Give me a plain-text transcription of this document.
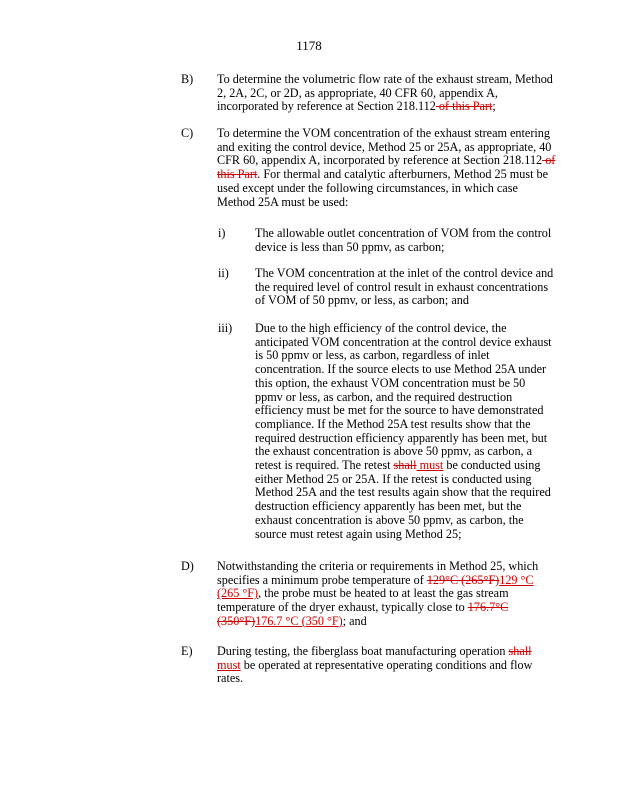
1178
B) To determine the volumetric flow rate of the exhaust stream, Method 2, 2A, 2C, or 2D, as appropriate, 40 CFR 60, appendix A, incorporated by reference at Section 218.112 of this Part;
C) To determine the VOM concentration of the exhaust stream entering and exiting the control device, Method 25 or 25A, as appropriate, 40 CFR 60, appendix A, incorporated by reference at Section 218.112 of this Part. For thermal and catalytic afterburners, Method 25 must be used except under the following circumstances, in which case Method 25A must be used:
i) The allowable outlet concentration of VOM from the control device is less than 50 ppmv, as carbon;
ii) The VOM concentration at the inlet of the control device and the required level of control result in exhaust concentrations of VOM of 50 ppmv, or less, as carbon; and
iii) Due to the high efficiency of the control device, the anticipated VOM concentration at the control device exhaust is 50 ppmv or less, as carbon, regardless of inlet concentration. If the source elects to use Method 25A under this option, the exhaust VOM concentration must be 50 ppmv or less, as carbon, and the required destruction efficiency must be met for the source to have demonstrated compliance. If the Method 25A test results show that the required destruction efficiency apparently has been met, but the exhaust concentration is above 50 ppmv, as carbon, a retest is required. The retest shall must be conducted using either Method 25 or 25A. If the retest is conducted using Method 25A and the test results again show that the required destruction efficiency apparently has been met, but the exhaust concentration is above 50 ppmv, as carbon, the source must retest again using Method 25;
D) Notwithstanding the criteria or requirements in Method 25, which specifies a minimum probe temperature of 129°C (265°F)129 °C (265 °F), the probe must be heated to at least the gas stream temperature of the dryer exhaust, typically close to 176.7°C (350°F)176.7 °C (350 °F); and
E) During testing, the fiberglass boat manufacturing operation shall must be operated at representative operating conditions and flow rates.
